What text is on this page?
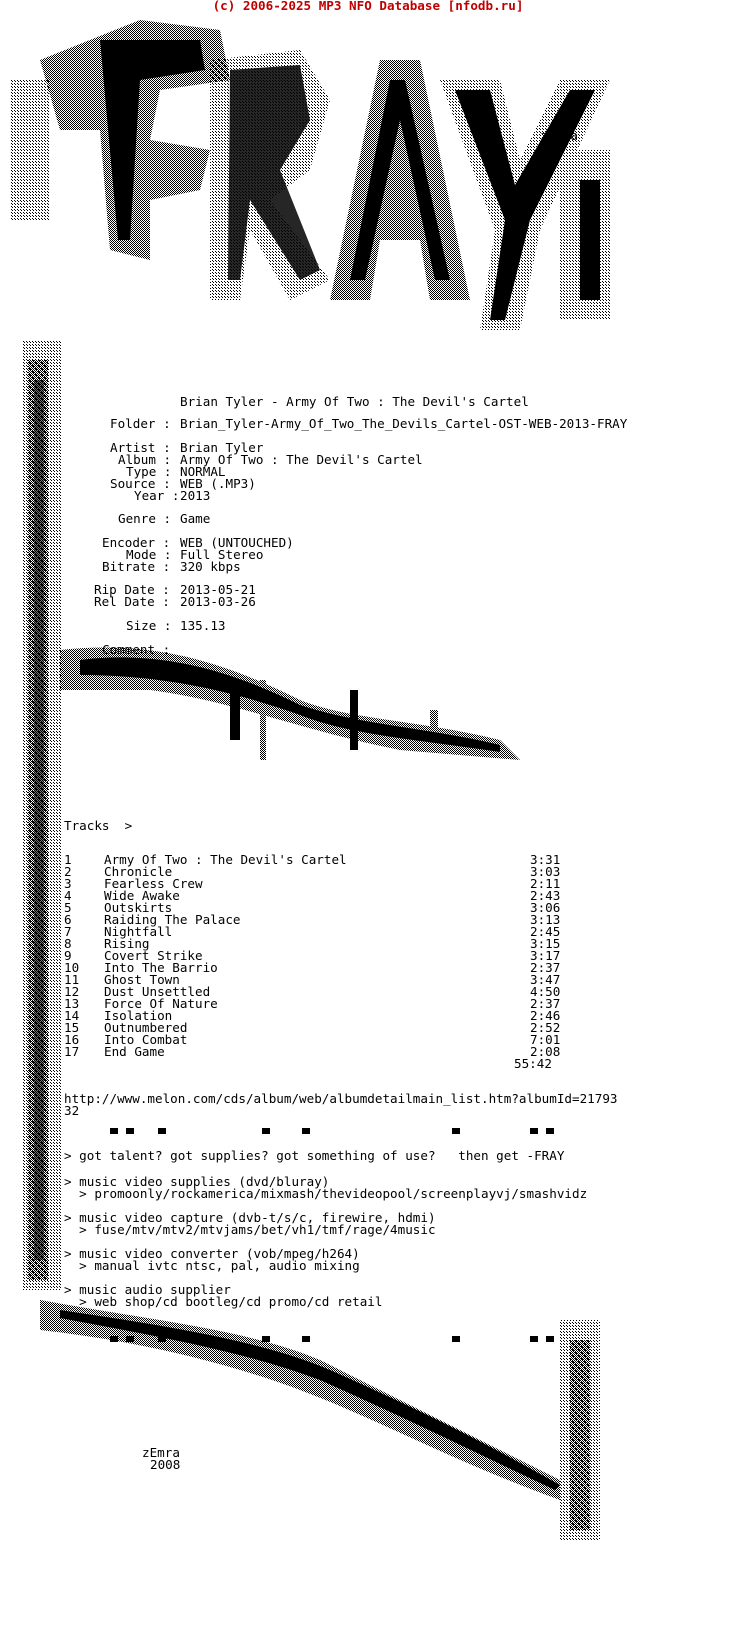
(c) 2006-2025 MP3 NFO Database [nfodb.ru]
zEmra
Brian Tyler - Army Of Two : The Devil's Cartel
Folder : Brian_Tyler-Army_Of_Two_The_Devils_Cartel-OST-WEB-2013-FRAY
Artist : Brian Tyler
Album : Army Of Two : The Devil's Cartel
Type : NORMAL
Source : WEB (.MP3)
Year : 2013
Genre : Game
Encoder : WEB (UNTOUCHED)
Mode : Full Stereo
Bitrate : 320 kbps
Rip Date : 2013-05-21
Rel Date : 2013-03-26
Size : 135.13
Comment :
Tracks  >
1	Army Of Two : The Devil's Cartel	3:31
2	Chronicle	3:03
3	Fearless Crew	2:11
4	Wide Awake	2:43
5	Outskirts	3:06
6	Raiding The Palace	3:13
7	Nightfall	2:45
8	Rising	3:15
9	Covert Strike	3:17
10 Into The Barrio	2:37
11 Ghost Town	3:47
12 Dust Unsettled	4:50
13 Force Of Nature	2:37
14 Isolation	2:46
15 Outnumbered	2:52
16 Into Combat	7:01
17 End Game	2:08
55:42
http://www.melon.com/cds/album/web/albumdetailmain_list.htm?albumId=21793
32
> got talent? got supplies? got something of use?   then get -FRAY
> music video supplies (dvd/bluray)
> promoonly/rockamerica/mixmash/thevideopool/screenplayvj/smashvidz
> music video capture (dvb-t/s/c, firewire, hdmi)
> fuse/mtv/mtv2/mtvjams/bet/vh1/tmf/rage/4music
> music video converter (vob/mpeg/h264)
> manual ivtc ntsc, pal, audio mixing
> music audio supplier
> web shop/cd bootleg/cd promo/cd retail
zEmra
2008
